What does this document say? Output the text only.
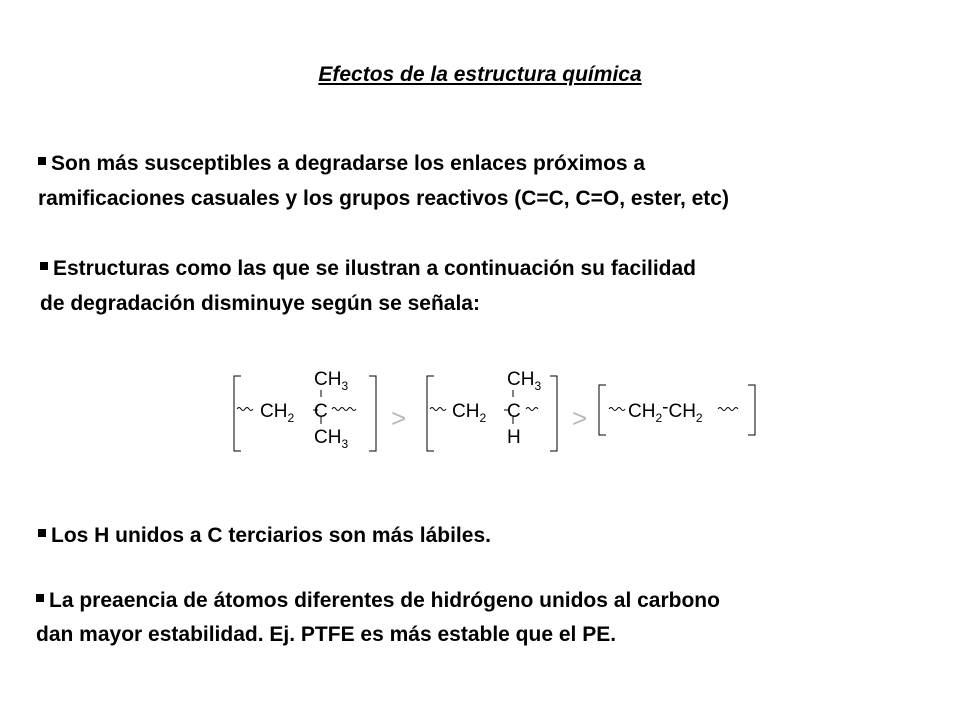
Efectos de la estructura química

Son más susceptibles a degradarse los enlaces próximos a
ramificaciones casuales y los grupos reactivos (C=C, C=O, ester, etc)

Estructuras como las que se ilustran a continuación su facilidad
de degradación disminuye según se señala:

$CH_2$ C
$CH_3$
$CH_3$
> $CH_2$ C
$CH_3$
H
> $CH_2-CH_2$

Los H unidos a C terciarios son más lábiles.

La preaencia de átomos diferentes de hidrógeno unidos al carbono
dan mayor estabilidad. Ej. PTFE es más estable que el PE.
